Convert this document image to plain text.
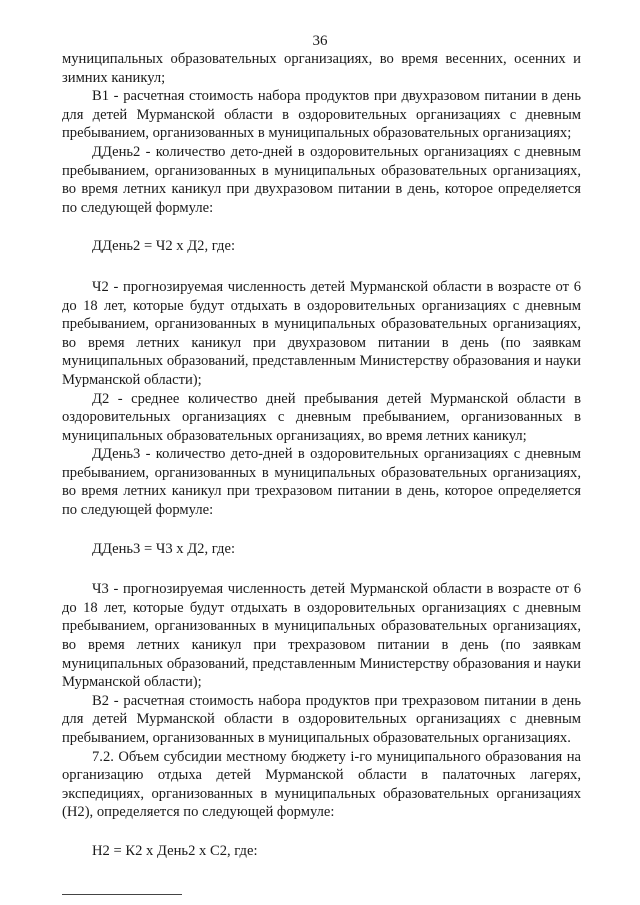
36

муниципальных образовательных организациях, во время весенних, осенних и зимних каникул;

В1 - расчетная стоимость набора продуктов при двухразовом питании в день для детей Мурманской области в оздоровительных организациях с дневным пребыванием, организованных в муниципальных образовательных организациях;

ДДень2 - количество дето-дней в оздоровительных организациях с дневным пребыванием, организованных в муниципальных образовательных организациях, во время летних каникул при двухразовом питании в день, которое определяется по следующей формуле:

ДДень2 = Ч2 х Д2, где:

Ч2 - прогнозируемая численность детей Мурманской области в возрасте от 6 до 18 лет, которые будут отдыхать в оздоровительных организациях с дневным пребыванием, организованных в муниципальных образовательных организациях, во время летних каникул при двухразовом питании в день (по заявкам муниципальных образований, представленным Министерству образования и науки Мурманской области);

Д2 - среднее количество дней пребывания детей Мурманской области в оздоровительных организациях с дневным пребыванием, организованных в муниципальных образовательных организациях, во время летних каникул;

ДДень3 - количество дето-дней в оздоровительных организациях с дневным пребыванием, организованных в муниципальных образовательных организациях, во время летних каникул при трехразовом питании в день, которое определяется по следующей формуле:

ДДень3 = Ч3 х Д2, где:

Ч3 - прогнозируемая численность детей Мурманской области в возрасте от 6 до 18 лет, которые будут отдыхать в оздоровительных организациях с дневным пребыванием, организованных в муниципальных образовательных организациях, во время летних каникул при трехразовом питании в день (по заявкам муниципальных образований, представленным Министерству образования и науки Мурманской области);

В2 - расчетная стоимость набора продуктов при трехразовом питании в день для детей Мурманской области в оздоровительных организациях с дневным пребыванием, организованных в муниципальных образовательных организациях.

7.2. Объем субсидии местному бюджету i-го муниципального образования на организацию отдыха детей Мурманской области в палаточных лагерях, экспедициях, организованных в муниципальных образовательных организациях (Н2), определяется по следующей формуле:

Н2 = К2 х День2 х С2, где:
